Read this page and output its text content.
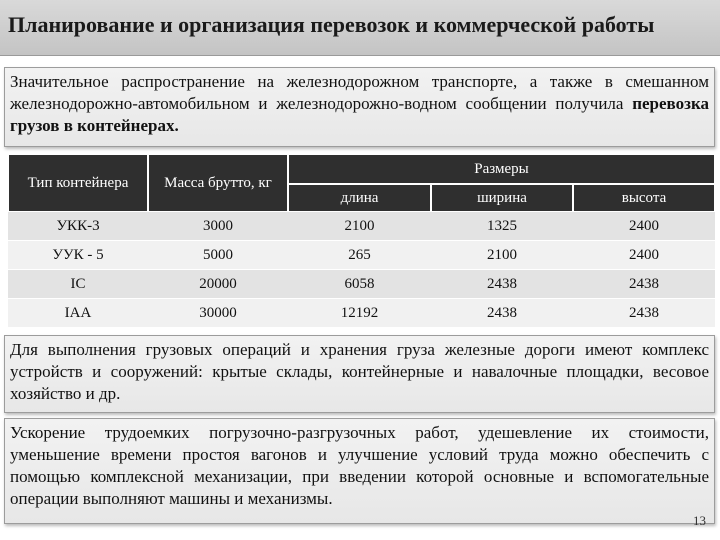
Планирование и организация перевозок и коммерческой работы
Значительное распространение на железнодорожном транспорте, а также в смешанном железнодорожно-автомобильном и железнодорожно-водном сообщении получила перевозка грузов в контейнерах.
Тип контейнера	Масса брутто, кг	Размеры		
		длина	ширина	высота
УКК-3	3000	2100	1325	2400
УУК - 5	5000	265	2100	2400
IC	20000	6058	2438	2438
IAA	30000	12192	2438	2438
Для выполнения грузовых операций и хранения груза железные дороги имеют комплекс устройств и сооружений: крытые склады, контейнерные и навалочные площадки, весовое хозяйство и др.
Ускорение трудоемких погрузочно-разгрузочных работ, удешевление их стоимости, уменьшение времени простоя вагонов и улучшение условий труда можно обеспечить с помощью комплексной механизации, при введении которой основные и вспомогательные операции выполняют машины и механизмы.
13
